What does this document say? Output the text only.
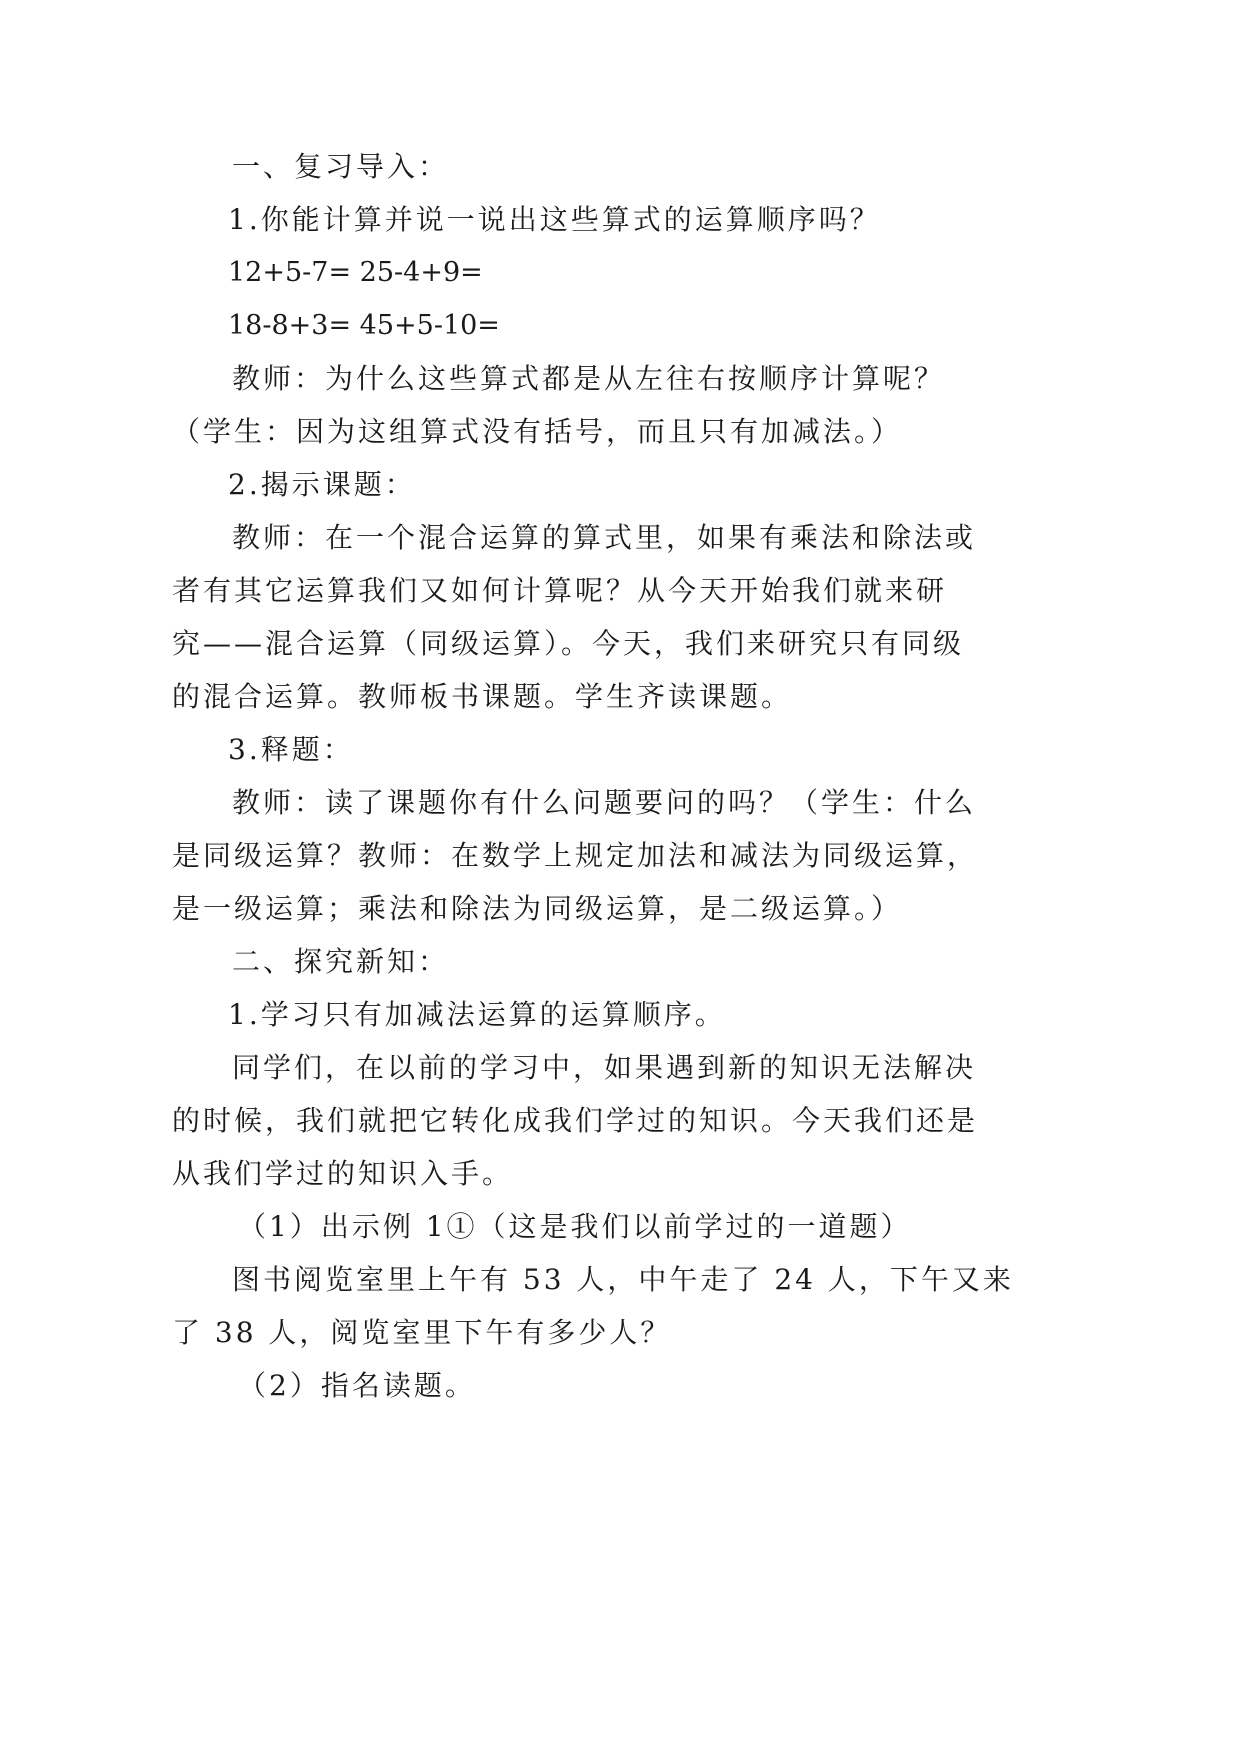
一、复习导入：
1.你能计算并说一说出这些算式的运算顺序吗？
12+5-7= 25-4+9=
18-8+3= 45+5-10=
教师：为什么这些算式都是从左往右按顺序计算呢？
（学生：因为这组算式没有括号，而且只有加减法。）
2.揭示课题：
教师：在一个混合运算的算式里，如果有乘法和除法或
者有其它运算我们又如何计算呢？从今天开始我们就来研
究——混合运算（同级运算）。今天，我们来研究只有同级
的混合运算。教师板书课题。学生齐读课题。
3.释题：
教师：读了课题你有什么问题要问的吗？（学生：什么
是同级运算？教师：在数学上规定加法和减法为同级运算，
是一级运算；乘法和除法为同级运算，是二级运算。）
二、探究新知：
1.学习只有加减法运算的运算顺序。
同学们，在以前的学习中，如果遇到新的知识无法解决
的时候，我们就把它转化成我们学过的知识。今天我们还是
从我们学过的知识入手。
（1）出示例 1①（这是我们以前学过的一道题）
图书阅览室里上午有 53 人，中午走了 24 人，下午又来
了 38 人，阅览室里下午有多少人？
（2）指名读题。
